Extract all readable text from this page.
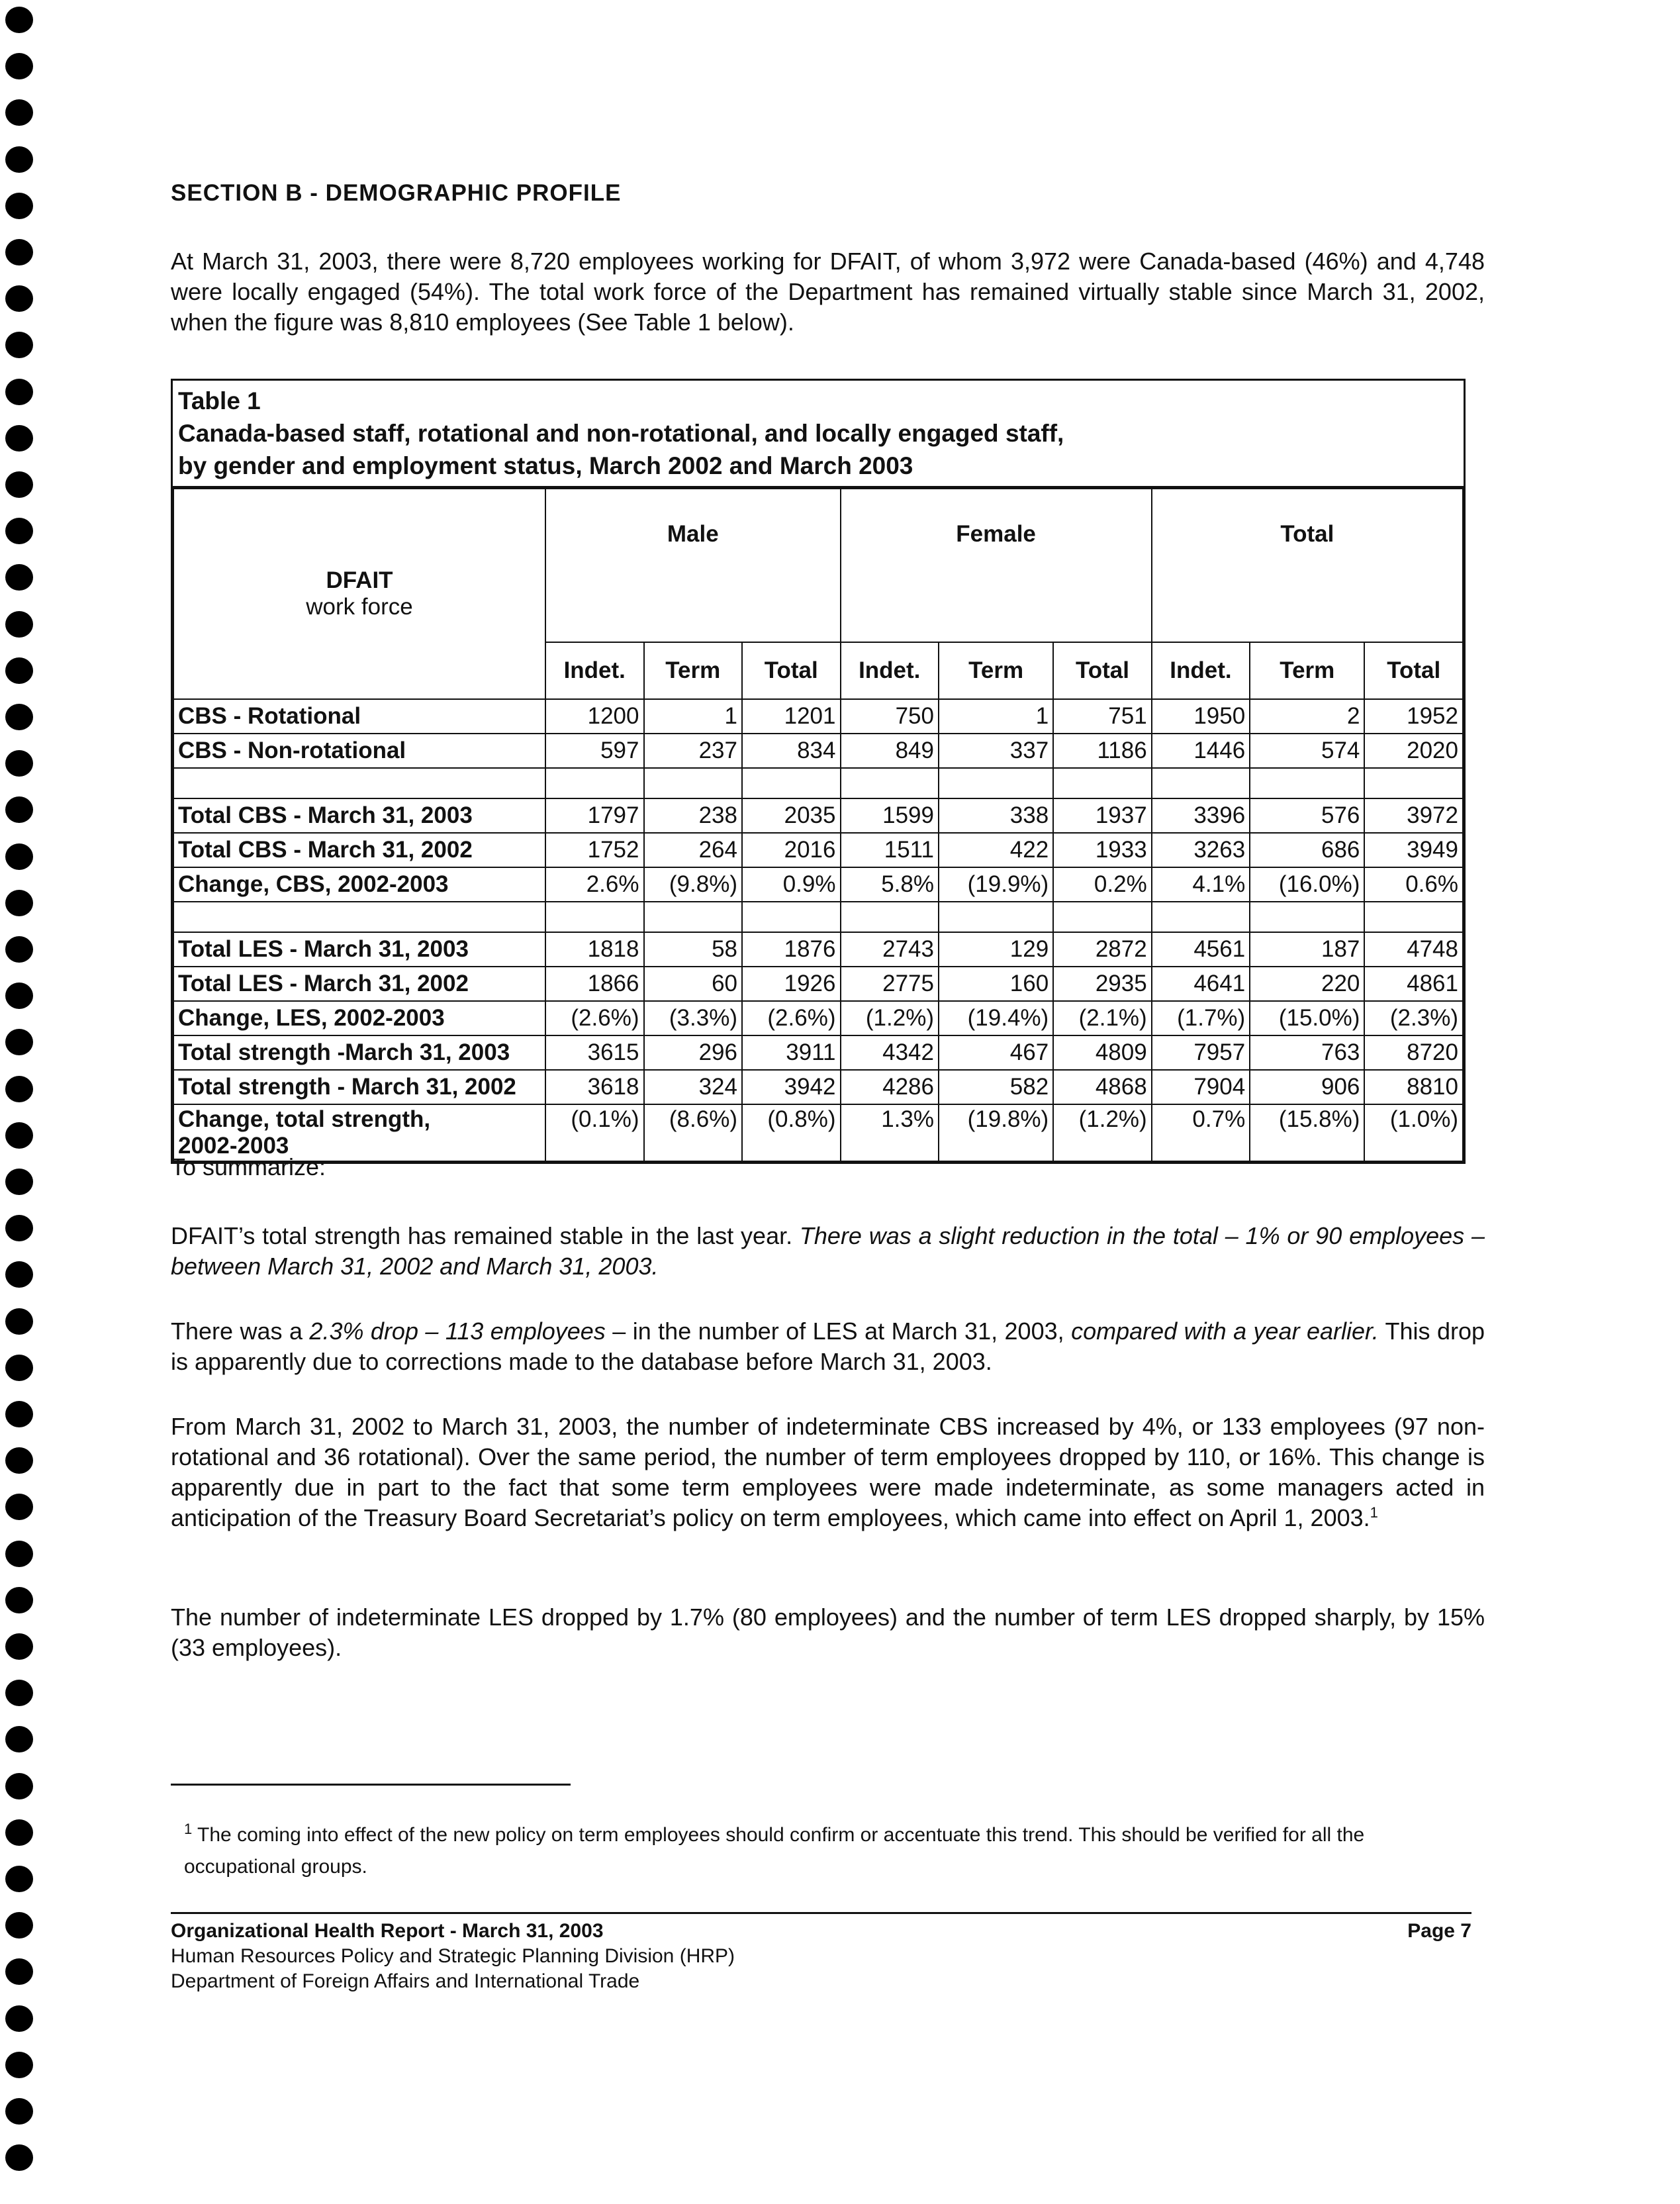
SECTION B - DEMOGRAPHIC PROFILE
At March 31, 2003, there were 8,720 employees working for DFAIT, of whom 3,972 were Canada-based (46%) and 4,748 were locally engaged (54%). The total work force of the Department has remained virtually stable since March 31, 2002, when the figure was 8,810 employees (See Table 1 below).
Table 1
Canada-based staff, rotational and non-rotational, and locally engaged staff,
by gender and employment status, March 2002 and March 2003
DFAIT
work force	Male			Female			Total		
	Indet.	Term	Total	Indet.	Term	Total	Indet.	Term	Total

CBS - Rotational	1200	1	1201	750	1	751	1950	2	1952

CBS - Non-rotational	597	237	834	849	337	1186	1446	574	2020

Total CBS - March 31, 2003	1797	238	2035	1599	338	1937	3396	576	3972

Total CBS - March 31, 2002	1752	264	2016	1511	422	1933	3263	686	3949

Change, CBS, 2002-2003	2.6%	(9.8%)	0.9%	5.8%	(19.9%)	0.2%	4.1%	(16.0%)	0.6%

Total LES - March 31, 2003	1818	58	1876	2743	129	2872	4561	187	4748

Total LES - March 31, 2002	1866	60	1926	2775	160	2935	4641	220	4861

Change, LES, 2002-2003	(2.6%)	(3.3%)	(2.6%)	(1.2%)	(19.4%)	(2.1%)	(1.7%)	(15.0%)	(2.3%)

Total strength -March 31, 2003	3615	296	3911	4342	467	4809	7957	763	8720

Total strength - March 31, 2002	3618	324	3942	4286	582	4868	7904	906	8810

Change, total strength,
2002-2003	(0.1%)	(8.6%)	(0.8%)	1.3%	(19.8%)	(1.2%)	0.7%	(15.8%)	(1.0%)
To summarize:
DFAIT’s total strength has remained stable in the last year. There was a slight reduction in the total – 1% or 90 employees – between March 31, 2002 and March 31, 2003.
There was a 2.3% drop – 113 employees – in the number of LES at March 31, 2003, compared with a year earlier. This drop is apparently due to corrections made to the database before March 31, 2003.
From March 31, 2002 to March 31, 2003, the number of indeterminate CBS increased by 4%, or 133 employees (97 non-rotational and 36 rotational). Over the same period, the number of term employees dropped by 110, or 16%. This change is apparently due in part to the fact that some term employees were made indeterminate, as some managers acted in anticipation of the Treasury Board Secretariat’s policy on term employees, which came into effect on April 1, 2003.$^1$
The number of indeterminate LES dropped by 1.7% (80 employees) and the number of term LES dropped sharply, by 15% (33 employees).
$^1$ The coming into effect of the new policy on term employees should confirm or accentuate this trend. This should be verified for all the occupational groups.
Organizational Health Report - March 31, 2003
Human Resources Policy and Strategic Planning Division (HRP)
Department of Foreign Affairs and International Trade
Page 7
